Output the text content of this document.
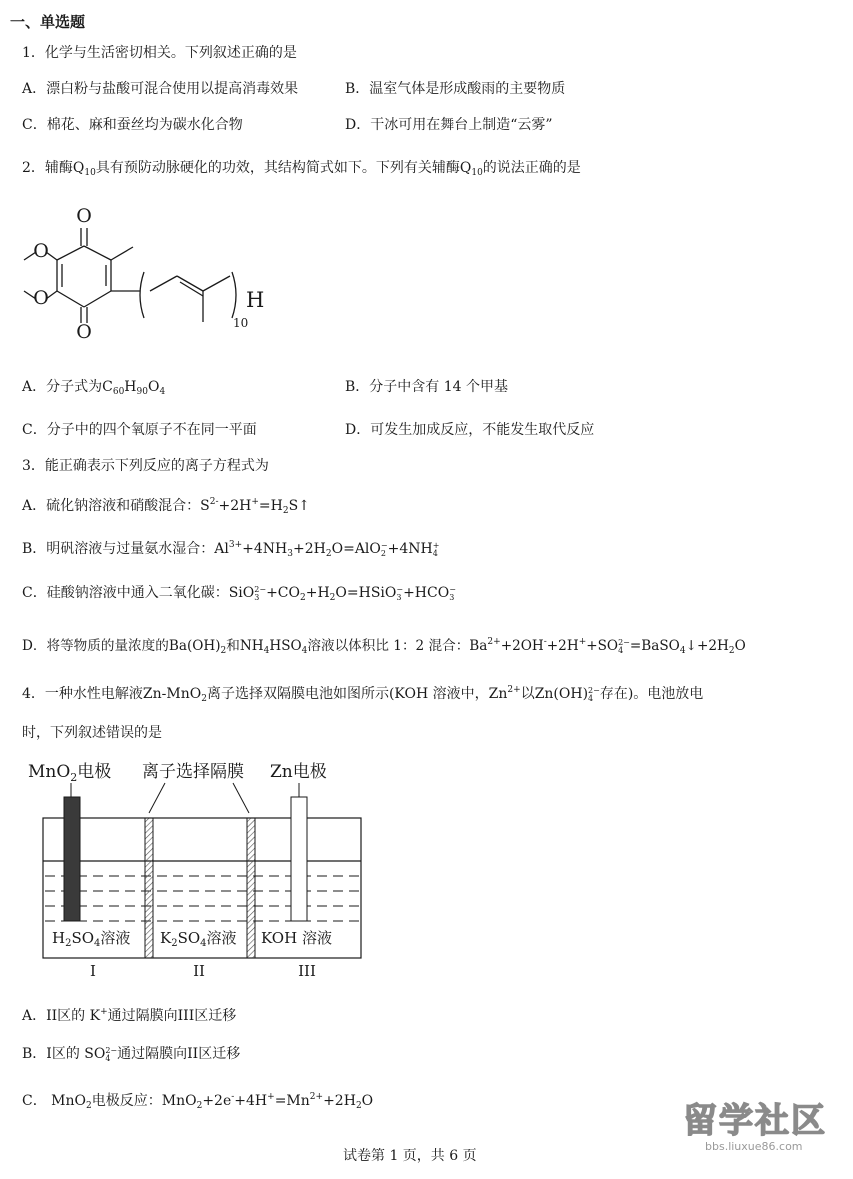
一、单选题
1．化学与生活密切相关。下列叙述正确的是
A．漂白粉与盐酸可混合使用以提高消毒效果	B．温室气体是形成酸雨的主要物质
C．棉花、麻和蚕丝均为碳水化合物	D．干冰可用在舞台上制造“云雾”
2．辅酶$Q_{10}$具有预防动脉硬化的功效，其结构简式如下。下列有关辅酶$Q_{10}$的说法正确的是
O
O
O
O	H
10
A．分子式为$C_{60}H_{90}O_4$	B．分子中含有 14 个甲基
C．分子中的四个氧原子不在同一平面	D．可发生加成反应，不能发生取代反应
3．能正确表示下列反应的离子方程式为
A．硫化钠溶液和硝酸混合：$S^{2-}+2H^+=H_2S↑$
B．明矾溶液与过量氨水湿合：$Al^{3+}+4NH_3+2H_2O=AlO$ −
2 +4NH +
4
C．硅酸钠溶液中通入二氧化碳：SiO 2−
$3 +CO_2+H_2O=HSiO$ −
3 +HCO −
3
D．将等物质的量浓度的$Ba(OH)_2$和$NH_4HSO_4$溶液以体积比 1：2 混合：$Ba^{2+}+2OH^-+2H^++SO$ 2−
$4 =BaSO_4↓+2H_2O$
4．一种水性电解液Zn-MnO$_2$离子选择双隔膜电池如图所示(KOH 溶液中，$Zn^{2+}$以Zn(OH) 2−
4 存在)。电池放电
时，下列叙述错误的是
MnO$_2$电极 离子选择隔膜 Zn电极
$H_2SO_4$溶液 $K_2SO_4$溶液 KOH 溶液
I	II	III
A．II区的 K+通过隔膜向III区迁移
B．I区的 SO 2−
4 通过隔膜向II区迁移
C． MnO$_2$电极反应：$MnO_2+2e^-+4H^+=Mn^{2+}+2H_2O$
试卷第 1 页，共 6 页
留学社区
bbs.liuxue86.com
